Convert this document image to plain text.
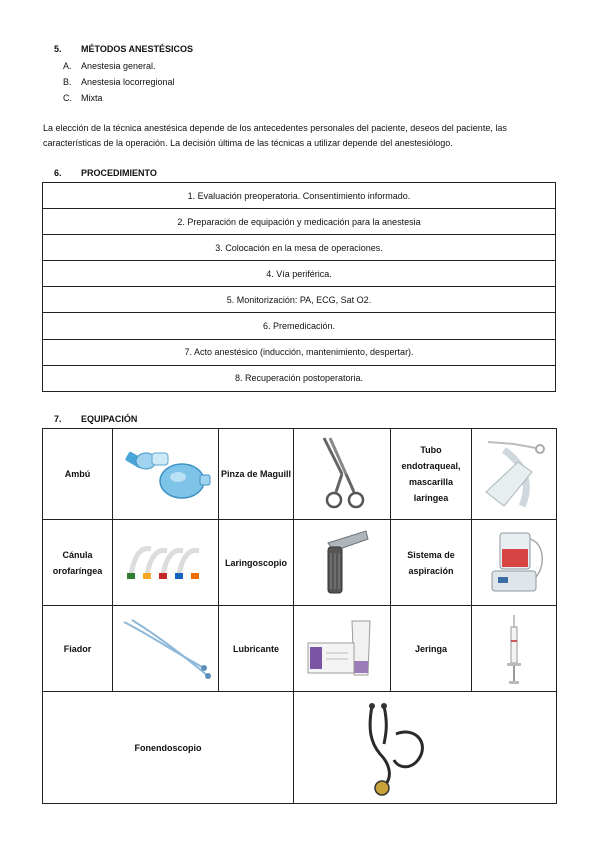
5. MÉTODOS ANESTÉSICOS
A. Anestesia general.
B. Anestesia locorregional
C. Mixta
La elección de la técnica anestésica depende de los antecedentes personales del paciente, deseos del paciente, las características de la operación. La decisión última de las técnicas a utilizar depende del anestesiólogo.
6. PROCEDIMIENTO
1. Evaluación preoperatoria. Consentimiento informado.
2. Preparación de equipación y medicación para la anestesia
3. Colocación en la mesa de operaciones.
4. Vía periférica.
5. Monitorización: PA, ECG, Sat O2.
6. Premedicación.
7. Acto anestésico (inducción, mantenimiento, despertar).
8. Recuperación postoperatoria.
7. EQUIPACIÓN
Ambú		Pinza de Maguill		Tubo endotraqueal, mascarilla laríngea	

Cánula orofaríngea		Laringoscopio		Sistema de aspiración	

Fiador		Lubricante		Jeringa	

Fonendoscopio	
